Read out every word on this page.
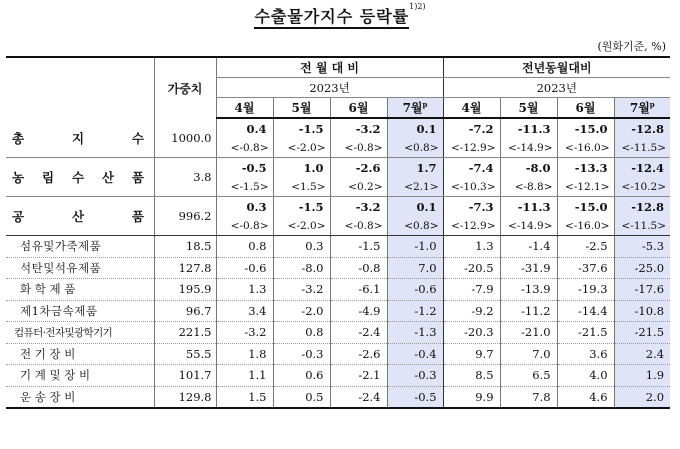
수출물가지수 등락률$^{1)2)}$
(원화기준, %)
	가중치	전 월 대 비				전년동월대비			
		2023년				2023년			
		4월	5월	6월	7월$^p$	4월	5월	6월	7월$^p$

총 지 수	1000.0	0.4	-1.5	-3.2	0.1	-7.2	-11.3	-15.0	-12.8
		<-0.8>	<-2.0>	<-0.8>	<0.8>	<-12.9>	<-14.9>	<-16.0>	<-11.5>

농 림 수 산 품	3.8	-0.5	1.0	-2.6	1.7	-7.4	-8.0	-13.3	-12.4
		<-1.5>	<1.5>	<0.2>	<2.1>	<-10.3>	<-8.8>	<-12.1>	<-10.2>

공 산 품	996.2	0.3	-1.5	-3.2	0.1	-7.3	-11.3	-15.0	-12.8
		<-0.8>	<-2.0>	<-0.8>	<0.8>	<-12.9>	<-14.9>	<-16.0>	<-11.5>
섬유및가죽제품	18.5	0.8	0.3	-1.5	-1.0	1.3	-1.4	-2.5	-5.3
석탄및석유제품	127.8	-0.6	-8.0	-0.8	7.0	-20.5	-31.9	-37.6	-25.0
화 학 제 품	195.9	1.3	-3.2	-6.1	-0.6	-7.9	-13.9	-19.3	-17.6
제1차금속제품	96.7	3.4	-2.0	-4.9	-1.2	-9.2	-11.2	-14.4	-10.8
컴퓨터·전자및광학기기	221.5	-3.2	0.8	-2.4	-1.3	-20.3	-21.0	-21.5	-21.5
전 기 장 비	55.5	1.8	-0.3	-2.6	-0.4	9.7	7.0	3.6	2.4
기 계 및 장 비	101.7	1.1	0.6	-2.1	-0.3	8.5	6.5	4.0	1.9
운 송 장 비	129.8	1.5	0.5	-2.4	-0.5	9.9	7.8	4.6	2.0
